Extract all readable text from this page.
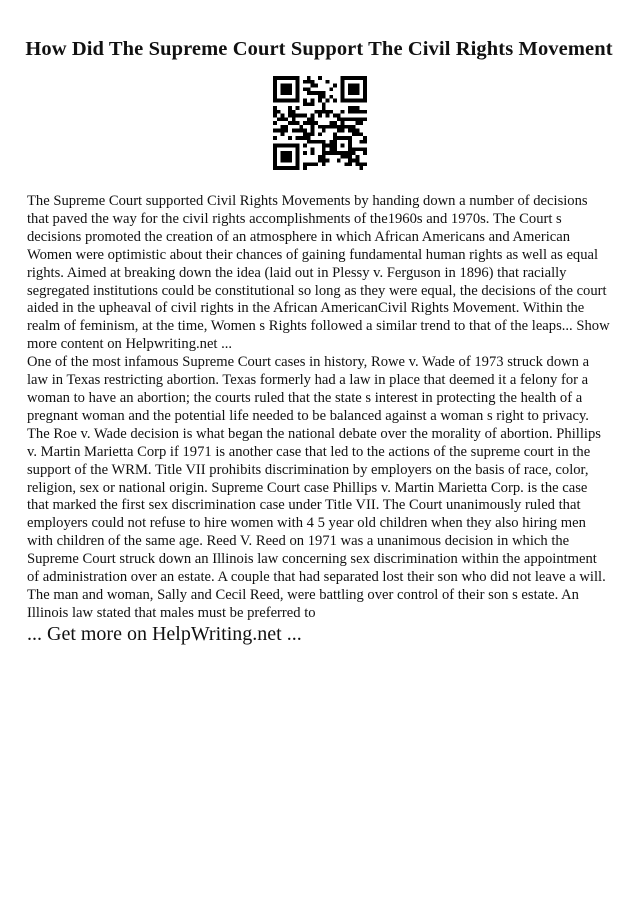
How Did The Supreme Court Support The Civil Rights Movement

The Supreme Court supported Civil Rights Movements by handing down a number of decisions that paved the way for the civil rights accomplishments of the1960s and 1970s. The Court s decisions promoted the creation of an atmosphere in which African Americans and American Women were optimistic about their chances of gaining fundamental human rights as well as equal rights. Aimed at breaking down the idea (laid out in Plessy v. Ferguson in 1896) that racially segregated institutions could be constitutional so long as they were equal, the decisions of the court aided in the upheaval of civil rights in the African AmericanCivil Rights Movement. Within the realm of feminism, at the time, Women s Rights followed a similar trend to that of the leaps... Show more content on Helpwriting.net ...

One of the most infamous Supreme Court cases in history, Rowe v. Wade of 1973 struck down a law in Texas restricting abortion. Texas formerly had a law in place that deemed it a felony for a woman to have an abortion; the courts ruled that the state s interest in protecting the health of a pregnant woman and the potential life needed to be balanced against a woman s right to privacy. The Roe v. Wade decision is what began the national debate over the morality of abortion. Phillips v. Martin Marietta Corp if 1971 is another case that led to the actions of the supreme court in the support of the WRM. Title VII prohibits discrimination by employers on the basis of race, color, religion, sex or national origin. Supreme Court case Phillips v. Martin Marietta Corp. is the case that marked the first sex discrimination case under Title VII. The Court unanimously ruled that employers could not refuse to hire women with 4 5 year old children when they also hiring men with children of the same age. Reed V. Reed on 1971 was a unanimous decision in which the Supreme Court struck down an Illinois law concerning sex discrimination within the appointment of administration over an estate. A couple that had separated lost their son who did not leave a will. The man and woman, Sally and Cecil Reed, were battling over control of their son s estate. An Illinois law stated that males must be preferred to

... Get more on HelpWriting.net ...
